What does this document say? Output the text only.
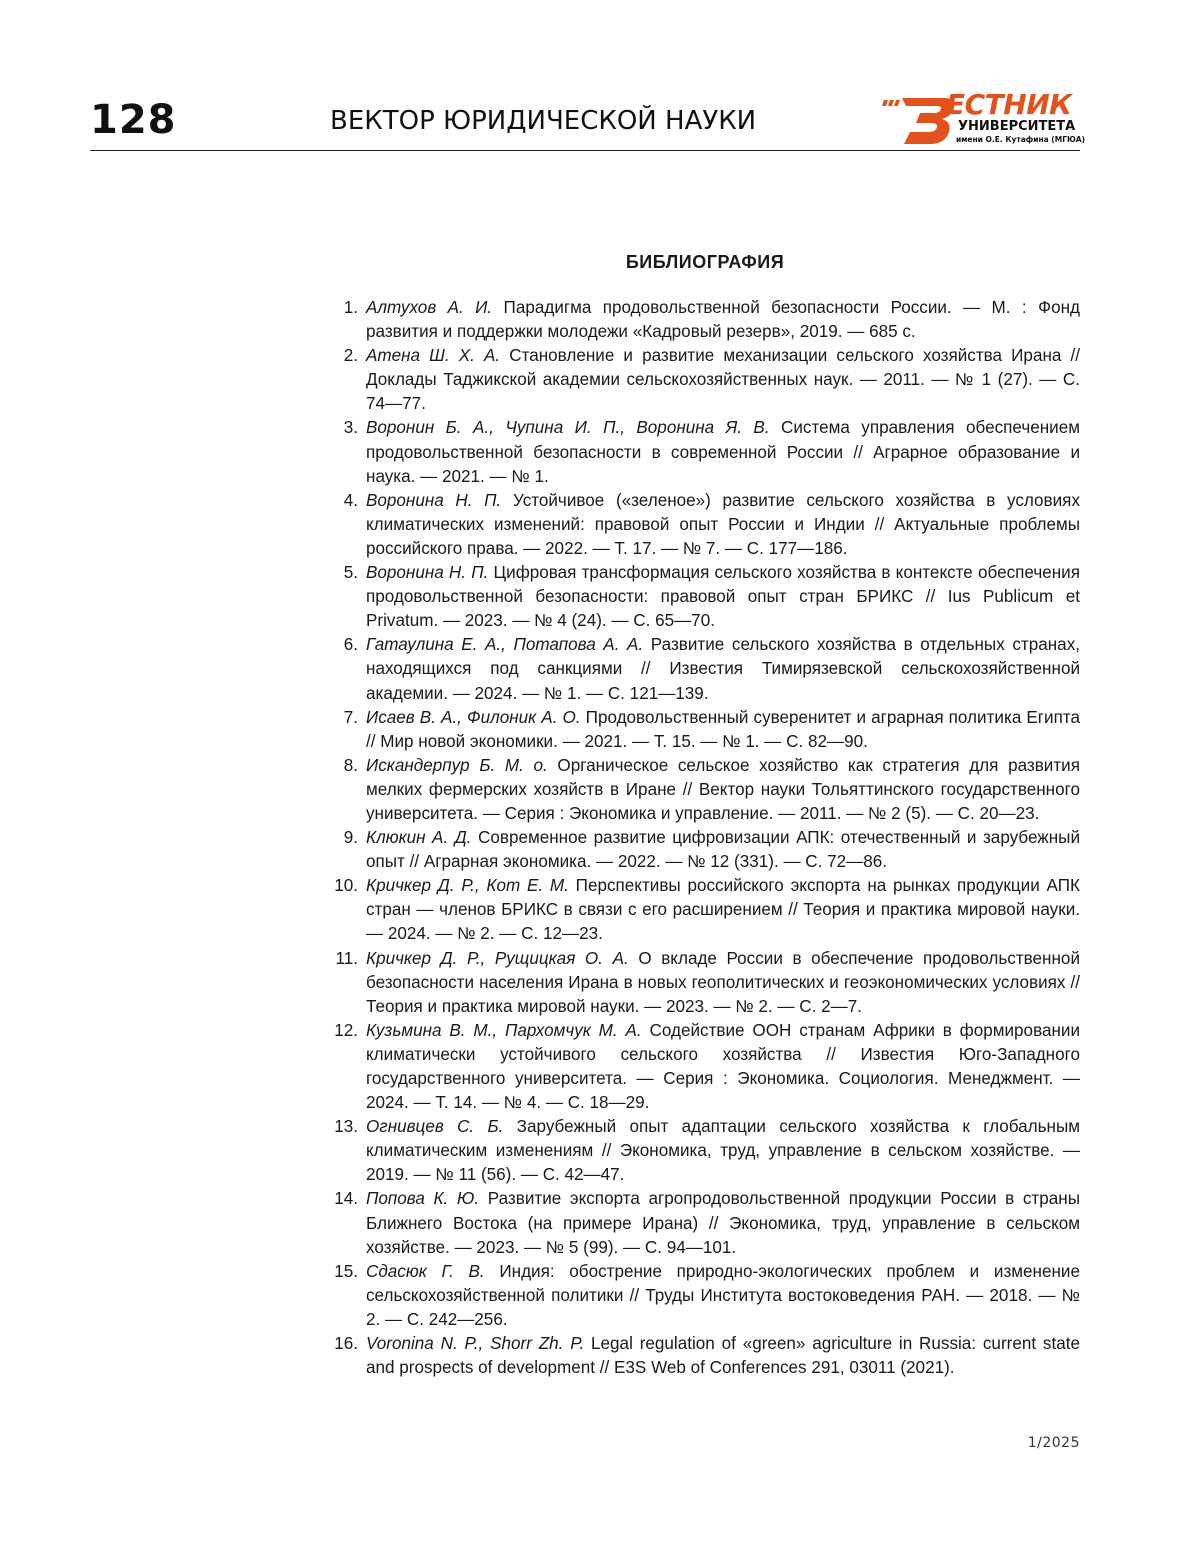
128	ВЕКТОР ЮРИДИЧЕСКОЙ НАУКИ	ЕСТНИК
УНИВЕРСИТЕТА
имени О.Е. Кутафина (МГЮА)
БИБЛИОГРАФИЯ
1. Алтухов А. И. Парадигма продовольственной безопасности России. — М. : Фонд развития и поддержки молодежи «Кадровый резерв», 2019. — 685 с.
2. Атена Ш. Х. А. Становление и развитие механизации сельского хозяйства Ирана // Доклады Таджикской академии сельскохозяйственных наук. — 2011. — № 1 (27). — С. 74—77.
3. Воронин Б. А., Чупина И. П., Воронина Я. В. Система управления обеспечением продовольственной безопасности в современной России // Аграрное образование и наука. — 2021. — № 1.
4. Воронина Н. П. Устойчивое («зеленое») развитие сельского хозяйства в условиях климатических изменений: правовой опыт России и Индии // Актуальные проблемы российского права. — 2022. — Т. 17. — № 7. — С. 177—186.
5. Воронина Н. П. Цифровая трансформация сельского хозяйства в контексте обеспечения продовольственной безопасности: правовой опыт стран БРИКС // Ius Publicum et Privatum. — 2023. — № 4 (24). — С. 65—70.
6. Гатаулина Е. А., Потапова А. А. Развитие сельского хозяйства в отдельных странах, находящихся под санкциями // Известия Тимирязевской сельскохозяйственной академии. — 2024. — № 1. — С. 121—139.
7. Исаев В. А., Филоник А. О. Продовольственный суверенитет и аграрная политика Египта // Мир новой экономики. — 2021. — Т. 15. — № 1. — С. 82—90.
8. Искандерпур Б. М. о. Органическое сельское хозяйство как стратегия для развития мелких фермерских хозяйств в Иране // Вектор науки Тольяттинского государственного университета. — Серия : Экономика и управление. — 2011. — № 2 (5). — С. 20—23.
9. Клюкин А. Д. Современное развитие цифровизации АПК: отечественный и зарубежный опыт // Аграрная экономика. — 2022. — № 12 (331). — С. 72—86.
10. Кричкер Д. Р., Кот Е. М. Перспективы российского экспорта на рынках продукции АПК стран — членов БРИКС в связи с его расширением // Теория и практика мировой науки. — 2024. — № 2. — С. 12—23.
11. Кричкер Д. Р., Рущицкая О. А. О вкладе России в обеспечение продовольственной безопасности населения Ирана в новых геополитических и геоэкономических условиях // Теория и практика мировой науки. — 2023. — № 2. — С. 2—7.
12. Кузьмина В. М., Пархомчук М. А. Содействие ООН странам Африки в формировании климатически устойчивого сельского хозяйства // Известия Юго-Западного государственного университета. — Серия : Экономика. Социология. Менеджмент. — 2024. — Т. 14. — № 4. — С. 18—29.
13. Огнивцев С. Б. Зарубежный опыт адаптации сельского хозяйства к глобальным климатическим изменениям // Экономика, труд, управление в сельском хозяйстве. — 2019. — № 11 (56). — С. 42—47.
14. Попова К. Ю. Развитие экспорта агропродовольственной продукции России в страны Ближнего Востока (на примере Ирана) // Экономика, труд, управление в сельском хозяйстве. — 2023. — № 5 (99). — С. 94—101.
15. Сдасюк Г. В. Индия: обострение природно-экологических проблем и изменение сельскохозяйственной политики // Труды Института востоковедения РАН. — 2018. — № 2. — С. 242—256.
16. Voronina N. P., Shorr Zh. P. Legal regulation of «green» agriculture in Russia: current state and prospects of development // E3S Web of Conferences 291, 03011 (2021).
1/2025
